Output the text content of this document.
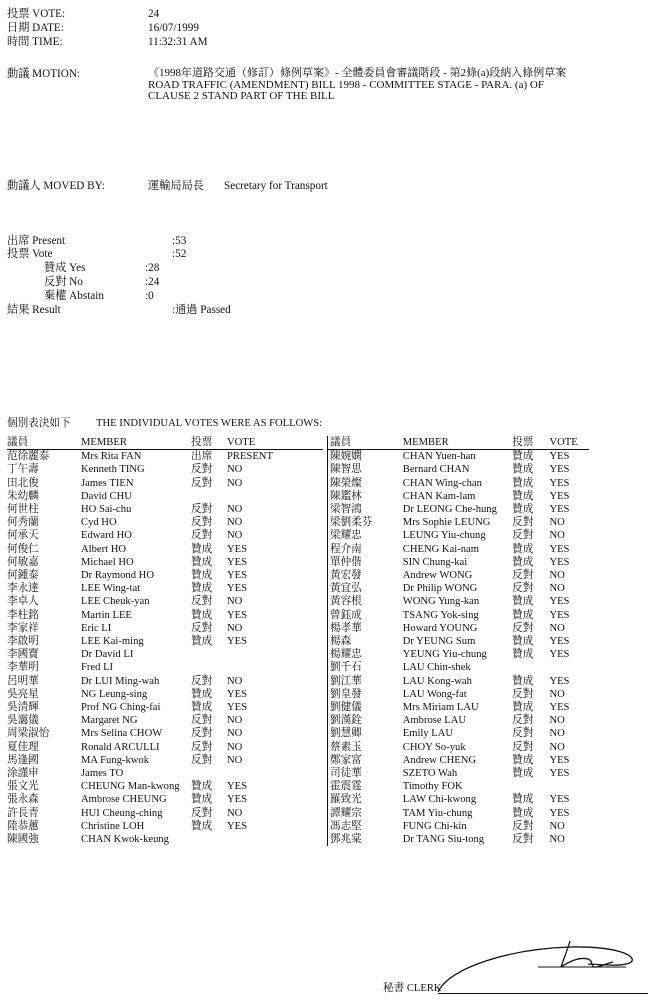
投票 VOTE:	24
日期 DATE:	16/07/1999
時間 TIME:	11:32:31 AM
動議 MOTION:	《1998年道路交通（修訂）條例草案》- 全體委員會審議階段 - 第2條(a)段納入條例草案
ROAD TRAFFIC (AMENDMENT) BILL 1998 - COMMITTEE STAGE - PARA. (a) OF
CLAUSE 2 STAND PART OF THE BILL
動議人 MOVED BY:	運輸局局長 Secretary for Transport
出席 Present	:53
投票 Vote	:52
贊成 Yes	:28
反對 No	:24
棄權 Abstain	:0
結果 Result	:通過 Passed
個別表決如下 THE INDIVIDUAL VOTES WERE AS FOLLOWS:
議員	MEMBER	投票	VOTE
范徐麗泰	Mrs Rita FAN	出席	PRESENT
丁午壽	Kenneth TING	反對	NO
田北俊	James TIEN	反對	NO
朱幼麟	David CHU		
何世柱	HO Sai-chu	反對	NO
何秀蘭	Cyd HO	反對	NO
何承天	Edward HO	反對	NO
何俊仁	Albert HO	贊成	YES
何敏嘉	Michael HO	贊成	YES
何鍾泰	Dr Raymond HO	贊成	YES
李永達	LEE Wing-tat	贊成	YES
李卓人	LEE Cheuk-yan	反對	NO
李柱銘	Martin LEE	贊成	YES
李家祥	Eric LI	反對	NO
李啟明	LEE Kai-ming	贊成	YES
李國寶	Dr David LI		
李華明	Fred LI		
呂明華	Dr LUI Ming-wah	反對	NO
吳亮星	NG Leung-sing	贊成	YES
吳清輝	Prof NG Ching-fai	贊成	YES
吳靄儀	Margaret NG	反對	NO
周梁淑怡	Mrs Selina CHOW	反對	NO
夏佳理	Ronald ARCULLI	反對	NO
馬逢國	MA Fung-kwok	反對	NO
涂謹申	James TO		
張文光	CHEUNG Man-kwong	贊成	YES
張永森	Ambrose CHEUNG	贊成	YES
許長青	HUI Cheung-ching	反對	NO
陸恭蕙	Christine LOH	贊成	YES
陳國強	CHAN Kwok-keung		
議員	MEMBER	投票	VOTE
陳婉嫻	CHAN Yuen-han	贊成	YES
陳智思	Bernard CHAN	贊成	YES
陳榮燦	CHAN Wing-chan	贊成	YES
陳鑑林	CHAN Kam-lam	贊成	YES
梁智鴻	Dr LEONG Che-hung	贊成	YES
梁劉柔芬	Mrs Sophie LEUNG	反對	NO
梁耀忠	LEUNG Yiu-chung	反對	NO
程介南	CHENG Kai-nam	贊成	YES
單仲偕	SIN Chung-kai	贊成	YES
黃宏發	Andrew WONG	反對	NO
黃宜弘	Dr Philip WONG	反對	NO
黃容根	WONG Yung-kan	贊成	YES
曾鈺成	TSANG Yok-sing	贊成	YES
楊孝華	Howard YOUNG	反對	NO
楊森	Dr YEUNG Sum	贊成	YES
楊耀忠	YEUNG Yiu-chung	贊成	YES
劉千石	LAU Chin-shek		
劉江華	LAU Kong-wah	贊成	YES
劉皇發	LAU Wong-fat	反對	NO
劉健儀	Mrs Miriam LAU	贊成	YES
劉漢銓	Ambrose LAU	反對	NO
劉慧卿	Emily LAU	反對	NO
蔡素玉	CHOY So-yuk	反對	NO
鄭家富	Andrew CHENG	贊成	YES
司徒華	SZETO Wah	贊成	YES
霍震霆	Timothy FOK		
羅致光	LAW Chi-kwong	贊成	YES
譚耀宗	TAM Yiu-chung	贊成	YES
馮志堅	FUNG Chi-kin	反對	NO
鄧兆棠	Dr TANG Siu-tong	反對	NO
秘書 CLERK
